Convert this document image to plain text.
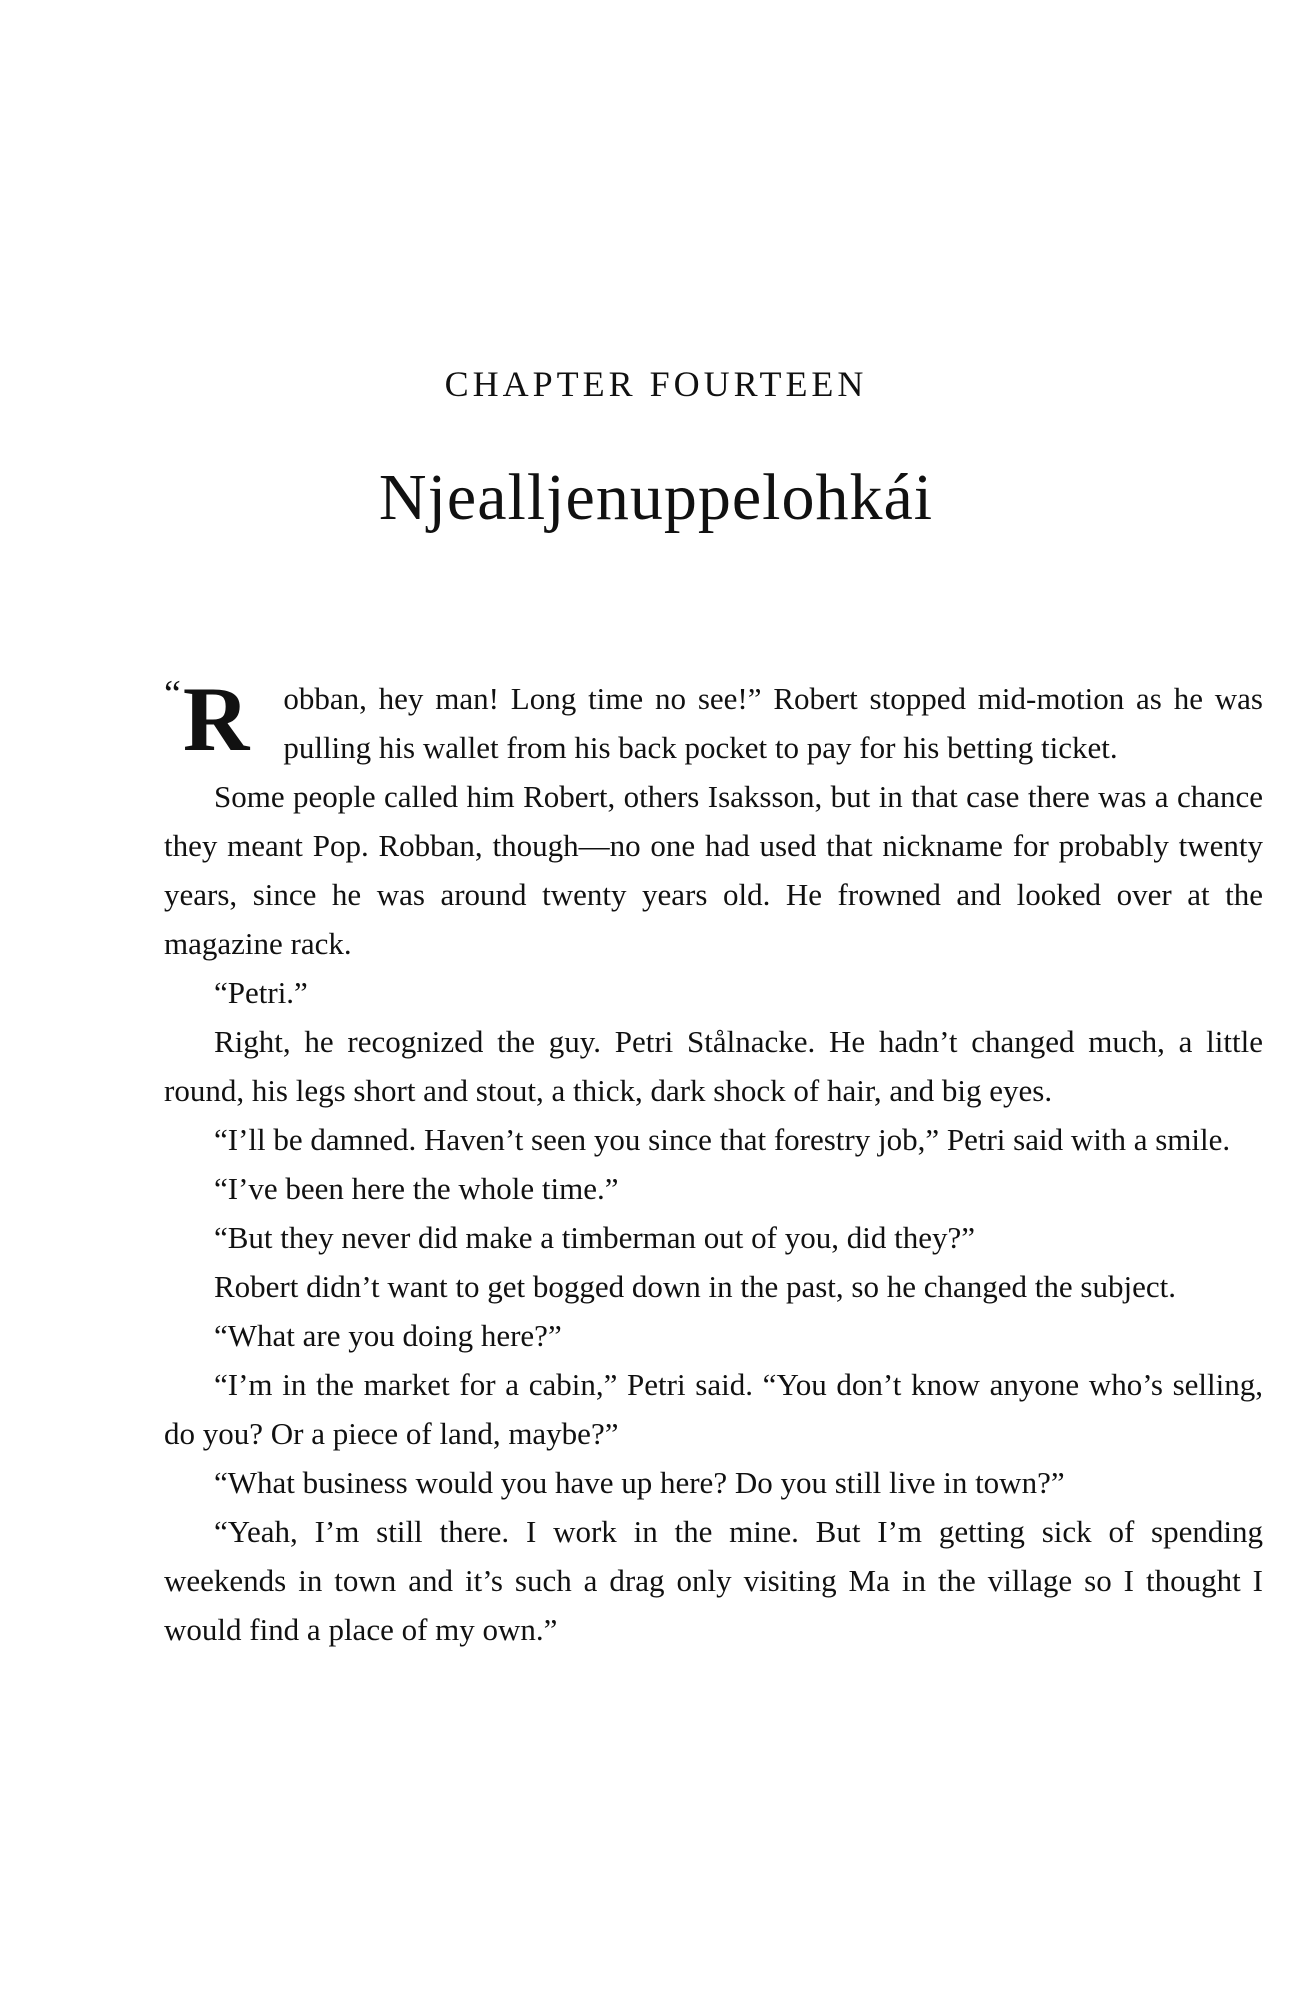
CHAPTER FOURTEEN
Njealljenuppelohkái

“ R obban, hey man! Long time no see!” Robert stopped mid-motion as he was pulling his wallet from his back pocket to pay for his betting ticket.

Some people called him Robert, others Isaksson, but in that case there was a chance they meant Pop. Robban, though—no one had used that nickname for probably twenty years, since he was around twenty years old. He frowned and looked over at the magazine rack.

“Petri.”

Right, he recognized the guy. Petri Stålnacke. He hadn’t changed much, a little round, his legs short and stout, a thick, dark shock of hair, and big eyes.

“I’ll be damned. Haven’t seen you since that forestry job,” Petri said with a smile.

“I’ve been here the whole time.”

“But they never did make a timberman out of you, did they?”

Robert didn’t want to get bogged down in the past, so he changed the subject.

“What are you doing here?”

“I’m in the market for a cabin,” Petri said. “You don’t know anyone who’s selling, do you? Or a piece of land, maybe?”

“What business would you have up here? Do you still live in town?”

“Yeah, I’m still there. I work in the mine. But I’m getting sick of spending weekends in town and it’s such a drag only visiting Ma in the village so I thought I would find a place of my own.”
